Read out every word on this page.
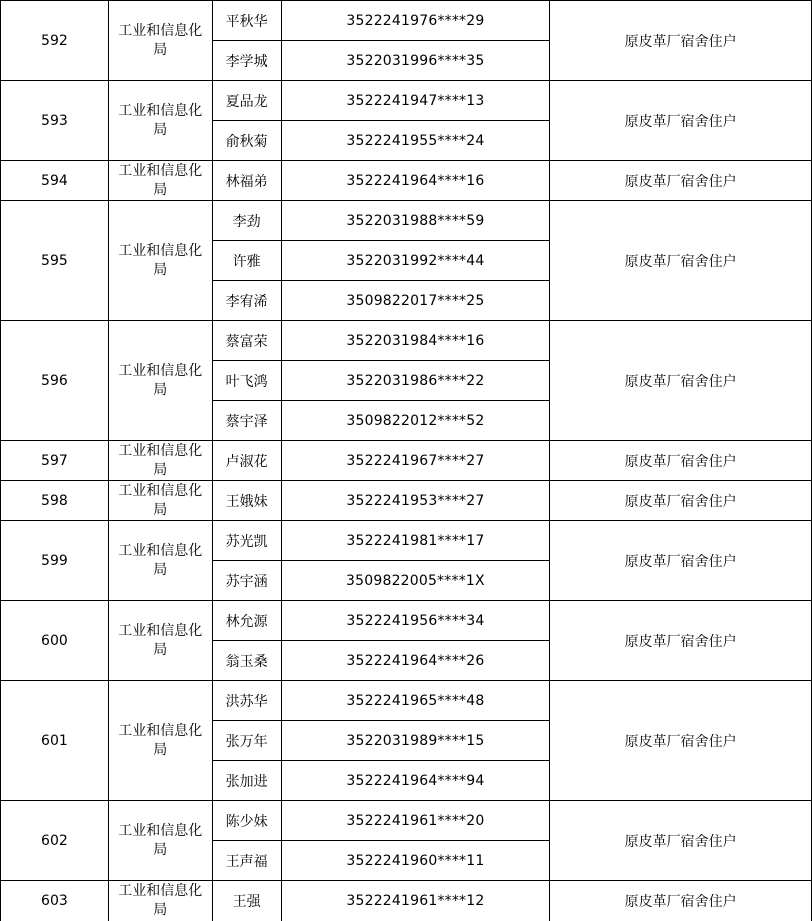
592	工业和信息化局	平秋华	3522241976****29	原皮革厂宿舍住户
		李学城	3522031996****35	
593	工业和信息化局	夏品龙	3522241947****13	原皮革厂宿舍住户
		俞秋菊	3522241955****24	
594	工业和信息化局	林福弟	3522241964****16	原皮革厂宿舍住户
595	工业和信息化局	李劲	3522031988****59	原皮革厂宿舍住户
		许雅	3522031992****44	
		李宥浠	3509822017****25	
596	工业和信息化局	蔡富荣	3522031984****16	原皮革厂宿舍住户
		叶飞鸿	3522031986****22	
		蔡宇泽	3509822012****52	
597	工业和信息化局	卢淑花	3522241967****27	原皮革厂宿舍住户
598	工业和信息化局	王娥妹	3522241953****27	原皮革厂宿舍住户
599	工业和信息化局	苏光凯	3522241981****17	原皮革厂宿舍住户
		苏宇涵	3509822005****1X	
600	工业和信息化局	林允源	3522241956****34	原皮革厂宿舍住户
		翁玉桑	3522241964****26	
601	工业和信息化局	洪苏华	3522241965****48	原皮革厂宿舍住户
		张万年	3522031989****15	
		张加进	3522241964****94	
602	工业和信息化局	陈少妹	3522241961****20	原皮革厂宿舍住户
		王声福	3522241960****11	
603	工业和信息化局	王强	3522241961****12	原皮革厂宿舍住户
